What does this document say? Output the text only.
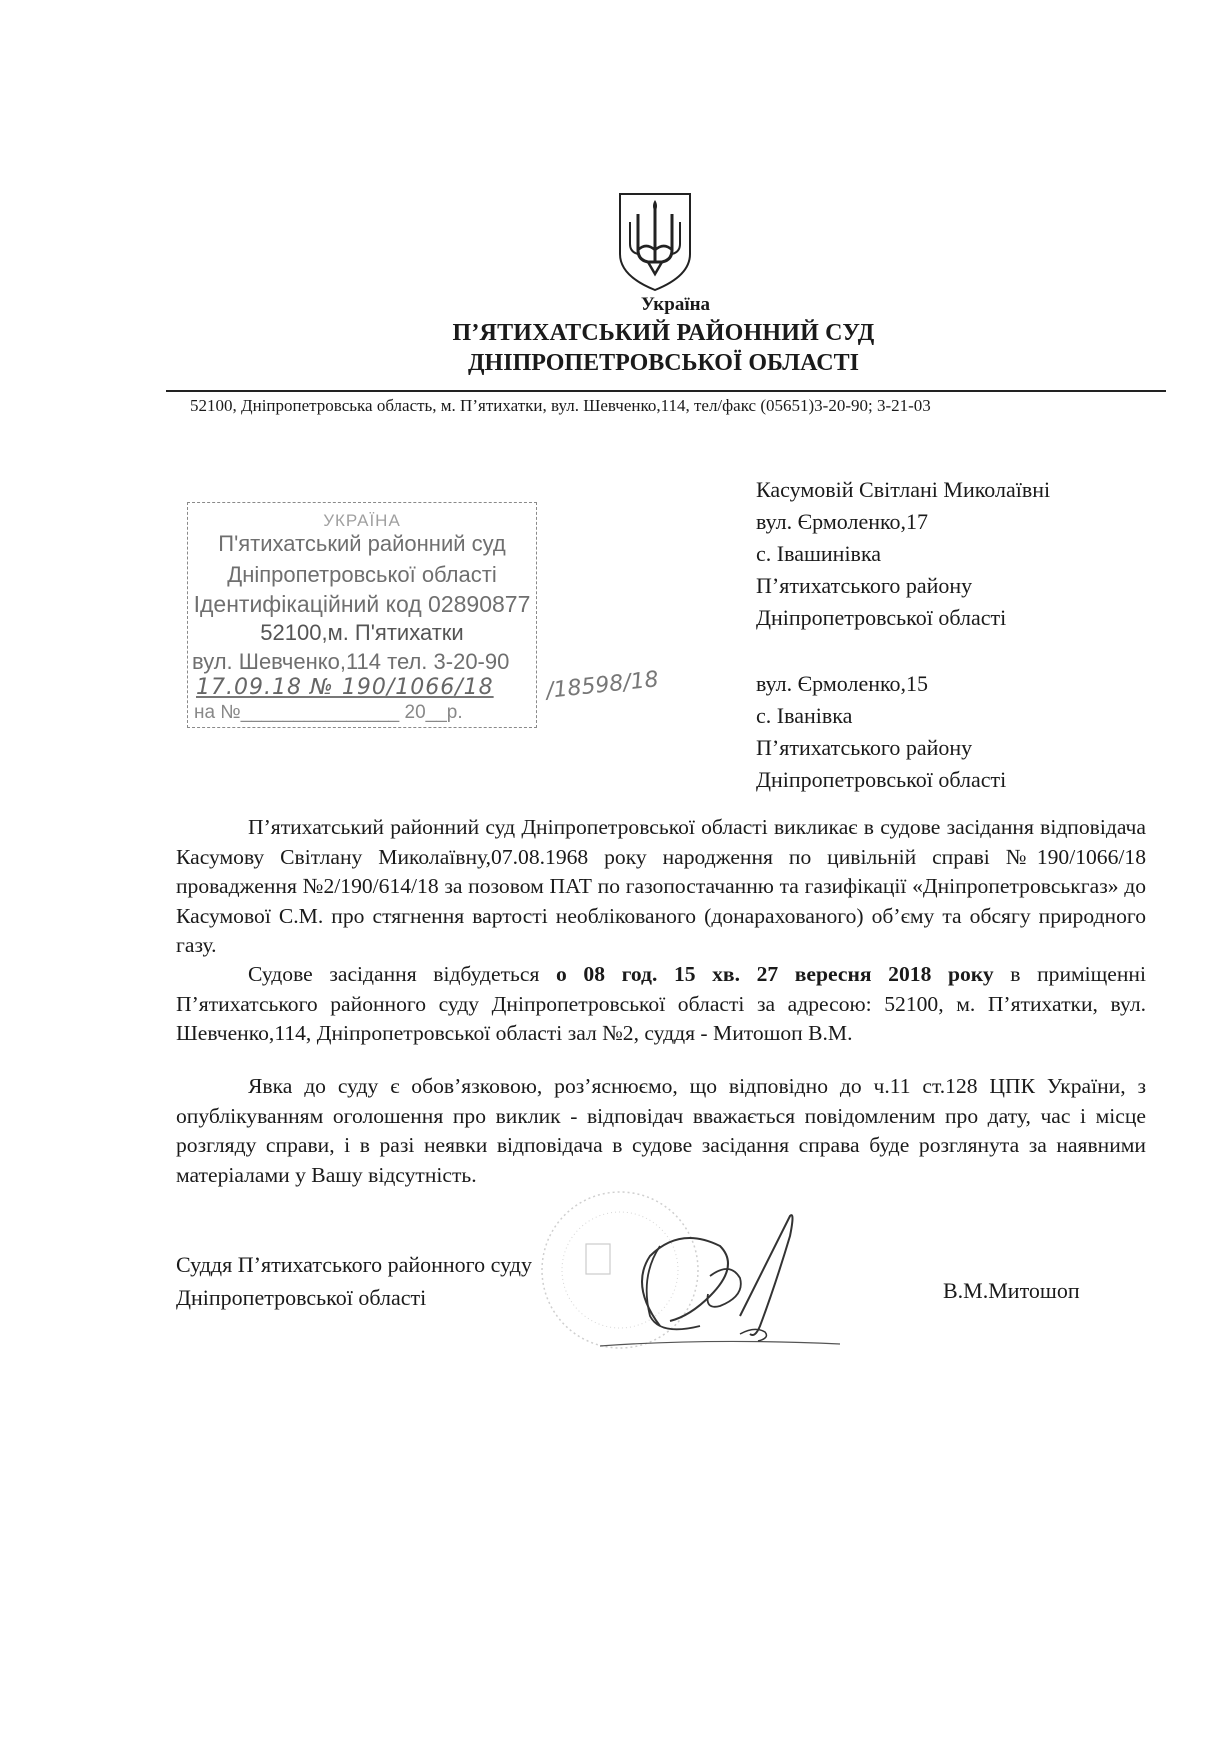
Україна
П’ЯТИХАТСЬКИЙ РАЙОННИЙ СУД
ДНІПРОПЕТРОВСЬКОЇ ОБЛАСТІ
52100, Дніпропетровська область, м. П’ятихатки, вул. Шевченко,114, тел/факс (05651)3-20-90; 3-21-03
УКРАЇНА
П'ятихатський районний суд
Дніпропетровської області
Ідентифікаційний код 02890877
52100,м. П'ятихатки
вул. Шевченко,114 тел. 3-20-90
17.09.18 № 190/1066/18 /18598/18
на №_______________ 20__р.
Касумовій Світлані Миколаївні
вул. Єрмоленко,17
с. Івашинівка
П’ятихатського району
Дніпропетровської області
вул. Єрмоленко,15
с. Іванівка
П’ятихатського району
Дніпропетровської області
П’ятихатський районний суд Дніпропетровської області викликає в судове засідання відповідача Касумову Світлану Миколаївну,07.08.1968 року народження по цивільній справі №190/1066/18 провадження №2/190/614/18 за позовом ПАТ по газопостачанню та газифікації «Дніпропетровськгаз» до Касумової С.М. про стягнення вартості необлікованого (донарахованого) об’єму та обсягу природного газу.
Судове засідання відбудеться о 08 год. 15 хв. 27 вересня 2018 року в приміщенні П’ятихатського районного суду Дніпропетровської області за адресою: 52100, м. П’ятихатки, вул. Шевченко,114, Дніпропетровської області зал №2, суддя - Митошоп В.М.
Явка до суду є обов’язковою, роз’яснюємо, що відповідно до ч.11 ст.128 ЦПК України, з опублікуванням оголошення про виклик - відповідач вважається повідомленим про дату, час і місце розгляду справи, і в разі неявки відповідача в судове засідання справа буде розглянута за наявними матеріалами у Вашу відсутність.
Суддя П’ятихатського районного суду
Дніпропетровської області	В.М.Митошоп
